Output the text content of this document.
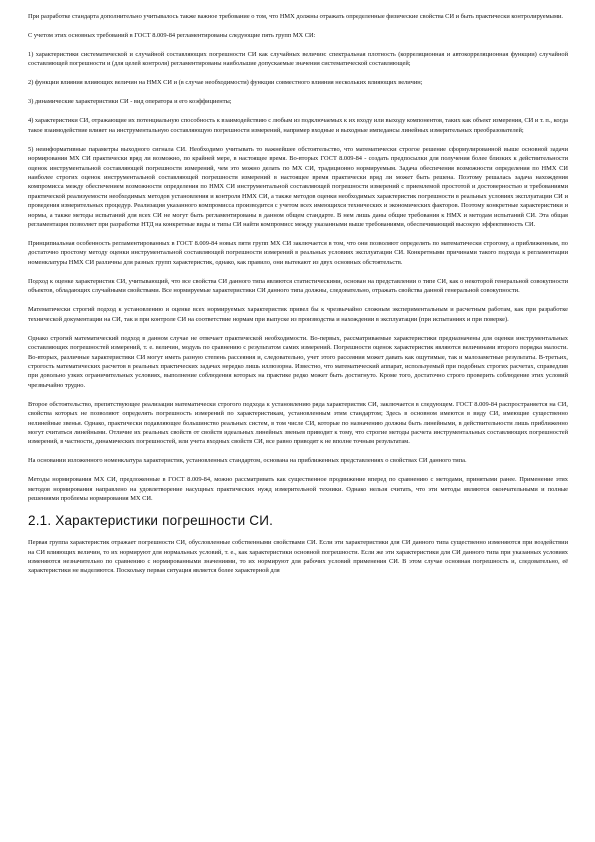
При разработке стандарта дополнительно учитывалось также важное требование о том, что НМХ должны отражать определенные физические свойства СИ и быть практически контролируемыми.

С учетом этих основных требований в ГОСТ 8.009-84 регламентированы следующие пять групп МХ СИ:

1) характеристики систематической и случайной составляющих погрешности СИ как случайных величин: спектральная плотность (корреляционная и автокорреляционная функции) случайной составляющей погрешности и (для целей контроля) регламентированы наибольшие допускаемые значения систематической составляющей;

2) функции влияния влияющих величин на НМХ СИ и (в случае необходимости) функции совместного влияния нескольких влияющих величин;

3) динамические характеристики СИ - вид оператора и его коэффициенты;

4) характеристики СИ, отражающие их потенциальную способность к взаимодействию с любым из подключаемых к их входу или выходу компонентов, таких как объект измерения, СИ и т. п., когда такое взаимодействие влияет на инструментальную составляющую погрешности измерений, например входные и выходные импедансы линейных измерительных преобразователей;

5) неинформативные параметры выходного сигнала СИ. Необходимо учитывать то важнейшее обстоятельство, что математически строгое решение сформулированной выше основной задачи нормирования МХ СИ практически вряд ли возможно, по крайней мере, в настоящее время. Во-вторых ГОСТ 8.009-84 - создать предпосылки для получения более близких к действительности оценок инструментальной составляющей погрешности измерений, чем это можно делать по МХ СИ, традиционно нормируемым. Задача обеспечения возможности определения по НМХ СИ наиболее строгих оценок инструментальной составляющей погрешности измерений в настоящее время практически вряд ли может быть решена. Поэтому решалась задача нахождения компромисса между обеспечением возможности определения по НМХ СИ инструментальной составляющей погрешности измерений с приемлемой простотой и достоверностью и требованиями практической реализуемости необходимых методов установления и контроля НМХ СИ, а также методов оценки необходимых характеристик погрешности в реальных условиях эксплуатации СИ и проведения измерительных процедур. Реализация указанного компромисса производится с учетом всех имеющихся технических и экономических факторов. Поэтому конкретные характеристики и нормы, а также методы испытаний для всех СИ не могут быть регламентированы в данном общем стандарте. В нем лишь даны общие требования к НМХ и методам испытаний СИ. Эта общая регламентация позволяет при разработке НТД на конкретные виды и типы СИ найти компромисс между указанными выше требованиями, обеспечивающий высокую эффективность СИ.

Принципиальная особенность регламентированных в ГОСТ 8.009-84 новых пяти групп МХ СИ заключается в том, что они позволяют определять по математически строгому, а приближенным, по достаточно простому методу оценки инструментальной составляющей погрешности измерений в реальных условиях эксплуатации СИ. Конкретными причинами такого подхода к регламентации номенклатуры НМХ СИ различны для разных групп характеристик, однако, как правило, они вытекают из двух основных обстоятельств.

Подход к оценке характеристик СИ, учитывающий, что все свойства СИ данного типа являются статистическими, основан на представлении о типе СИ, как о некоторой генеральной совокупности объектов, обладающих случайными свойствами. Все нормируемые характеристики СИ данного типа должны, следовательно, отражать свойства данной генеральной совокупности.

Математически строгий подход к установлению и оценке всех нормируемых характеристик привел бы к чрезвычайно сложным экспериментальным и расчетным работам, как при разработке технической документации на СИ, так и при контроле СИ на соответствие нормам при выпуске из производства и нахождении в эксплуатации (при испытаниях и при поверке).

Однако строгий математический подход в данном случае не отвечает практической необходимости. Во-первых, рассматриваемые характеристики предназначены для оценки инструментальных составляющих погрешностей измерений, т. е. величин, модуль по сравнению с результатом самих измерений. Погрешности оценок характеристик являются величинами второго порядка малости. Во-вторых, различные характеристики СИ могут иметь разную степень рассеяния и, следовательно, учет этого рассеяния может давать как ощутимые, так и малозаметные результаты. В-третьих, строгость математических расчетов в реальных практических задачах нередко лишь иллюзорна. Известно, что математический аппарат, используемый при подобных строгих расчетах, справедлив при довольно узких ограничительных условиях, выполнение соблюдения которых на практике редко может быть достигнуто. Кроме того, достаточно строго проверить соблюдение этих условий чрезвычайно трудно.

Второе обстоятельство, препятствующее реализации математически строгого подхода к установлению ряда характеристик СИ, заключается в следующем. ГОСТ 8.009-84 распространяется на СИ, свойства которых не позволяют определять погрешность измерений по характеристикам, установленным этим стандартом; Здесь в основном имеются в виду СИ, имеющие существенно нелинейные звенья. Однако, практически подавляющее большинство реальных систем, в том числе СИ, которые по назначению должны быть линейными, в действительности лишь приближенно могут считаться линейными. Отличие их реальных свойств от свойств идеальных линейных звеньев приводит к тому, что строгие методы расчета инструментальных составляющих погрешностей измерений, в частности, динамических погрешностей, или учета входных свойств СИ, все равно приводят к не вполне точным результатам.

На основании изложенного номенклатура характеристик, установленных стандартом, основана на приближенных представлениях о свойствах СИ данного типа.

Методы нормирования МХ СИ, предложенные в ГОСТ 8.009-84, можно рассматривать как существенное продвижение вперед по сравнению с методами, принятыми ранее. Применение этих методов нормирования направлено на удовлетворение насущных практических нужд измерительной техники. Однако нельзя считать, что эти методы являются окончательными и полные решениями проблемы нормирования МХ СИ.

2.1. Характеристики погрешности СИ.

Первая группа характеристик отражает погрешности СИ, обусловленные собственными свойствами СИ. Если эти характеристики для СИ данного типа существенно изменяются при воздействии на СИ влияющих величин, то их нормируют для нормальных условий, т. е., как характеристики основной погрешности. Если же эти характеристики для СИ данного типа при указанных условиях изменяются незначительно по сравнению с нормированными значениями, то их нормируют для рабочих условий применения СИ. В этом случае основная погрешность и, следовательно, её характеристики не выделяются. Поскольку первая ситуация является более характерной для
